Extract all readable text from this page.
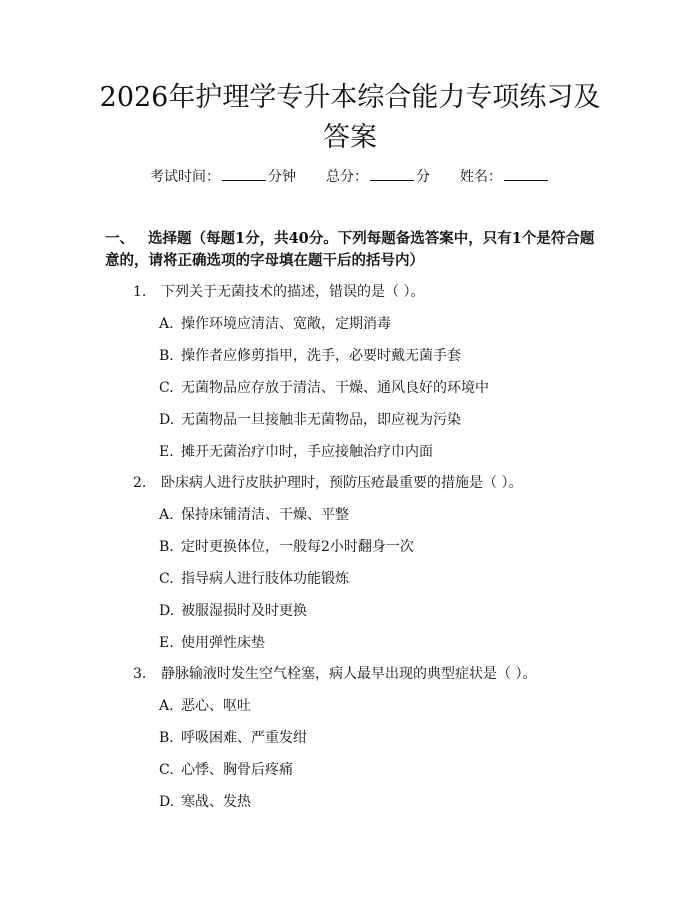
2026年护理学专升本综合能力专项练习及答案
考试时间：	分钟 总分：	分 姓名：
一、 选择题（每题1分，共40分。下列每题备选答案中，只有1个是符合题意的，请将正确选项的字母填在题干后的括号内）
1. 下列关于无菌技术的描述，错误的是（ ）。
A. 操作环境应清洁、宽敞，定期消毒
B. 操作者应修剪指甲，洗手，必要时戴无菌手套
C. 无菌物品应存放于清洁、干燥、通风良好的环境中
D. 无菌物品一旦接触非无菌物品，即应视为污染
E. 摊开无菌治疗巾时，手应接触治疗巾内面
2. 卧床病人进行皮肤护理时，预防压疮最重要的措施是（ ）。
A. 保持床铺清洁、干燥、平整
B. 定时更换体位，一般每2小时翻身一次
C. 指导病人进行肢体功能锻炼
D. 被服湿损时及时更换
E. 使用弹性床垫
3. 静脉输液时发生空气栓塞，病人最早出现的典型症状是（ ）。
A. 恶心、呕吐
B. 呼吸困难、严重发绀
C. 心悸、胸骨后疼痛
D. 寒战、发热
